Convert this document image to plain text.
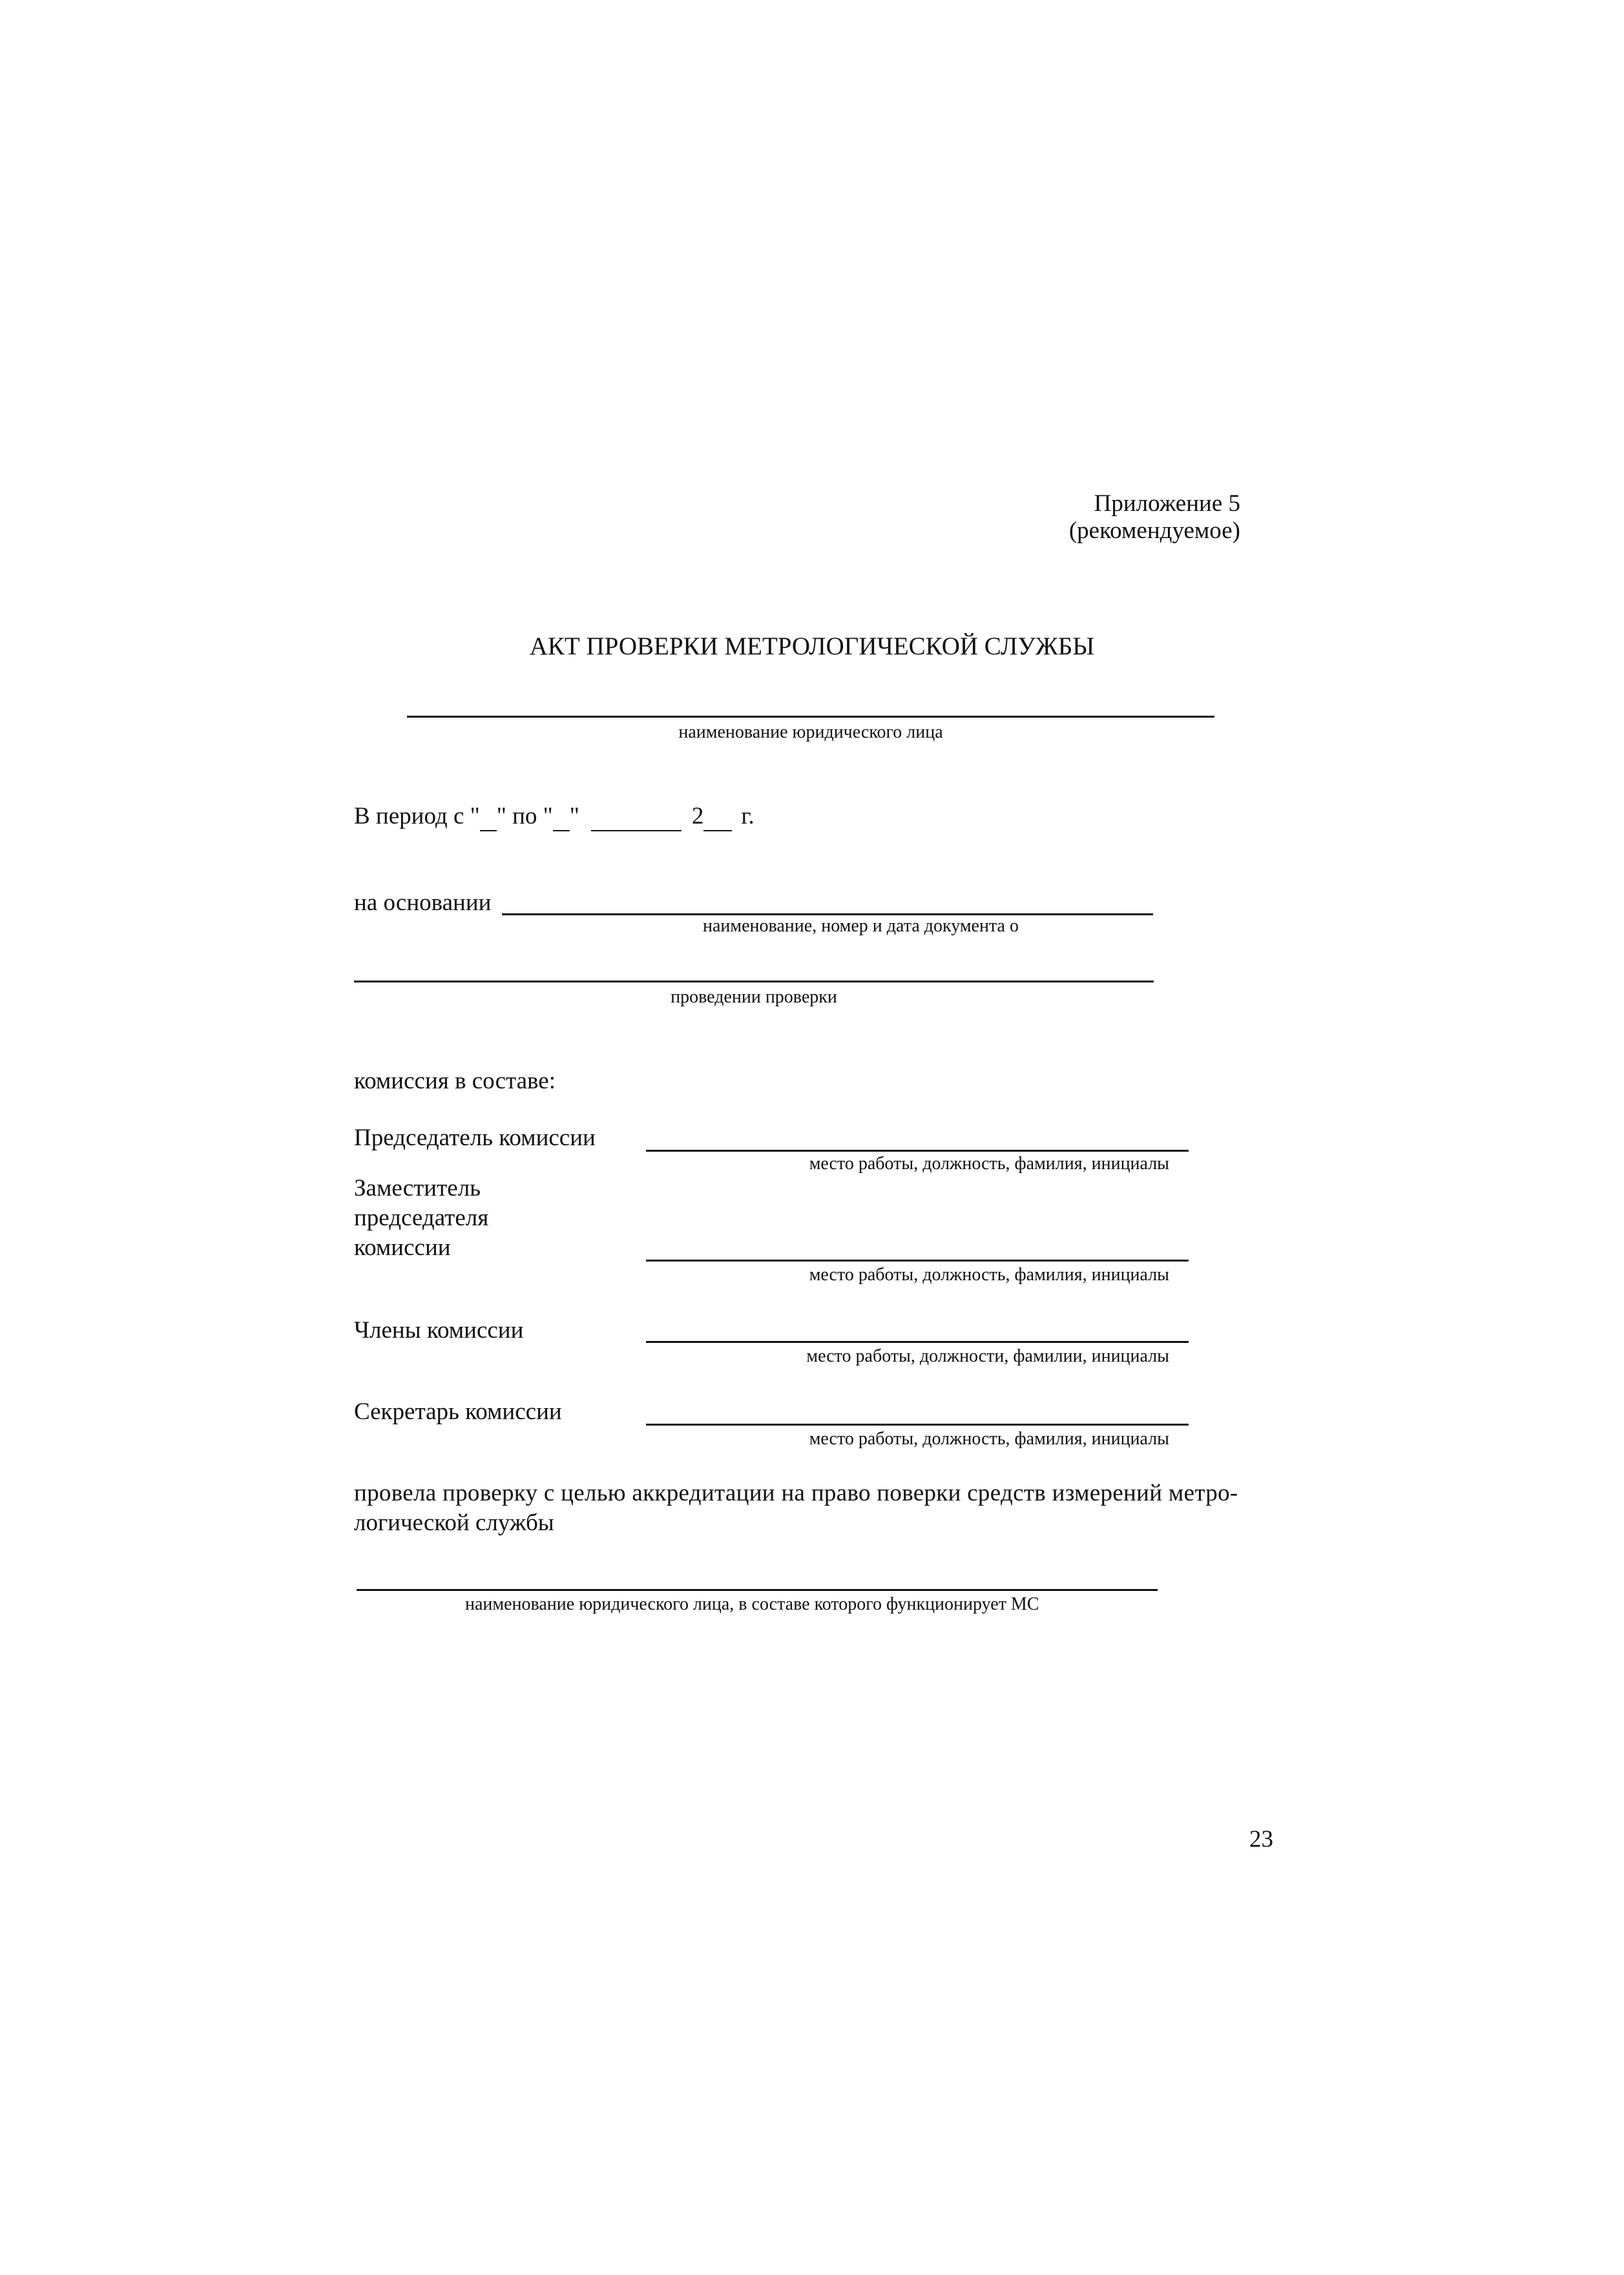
Приложение 5
(рекомендуемое)
АКТ ПРОВЕРКИ МЕТРОЛОГИЧЕСКОЙ СЛУЖБЫ
наименование юридического лица
В период с " " по " "	2 г.
на основании
наименование, номер и дата документа о
проведении проверки
комиссия в составе:
Председатель комиссии
место работы, должность, фамилия, инициалы
Заместитель
председателя
комиссии
место работы, должность, фамилия, инициалы
Члены комиссии
место работы, должности, фамилии, инициалы
Секретарь комиссии
место работы, должность, фамилия, инициалы
провела проверку с целью аккредитации на право поверки средств измерений метро-
логической службы
наименование юридического лица, в составе которого функционирует МС
23
